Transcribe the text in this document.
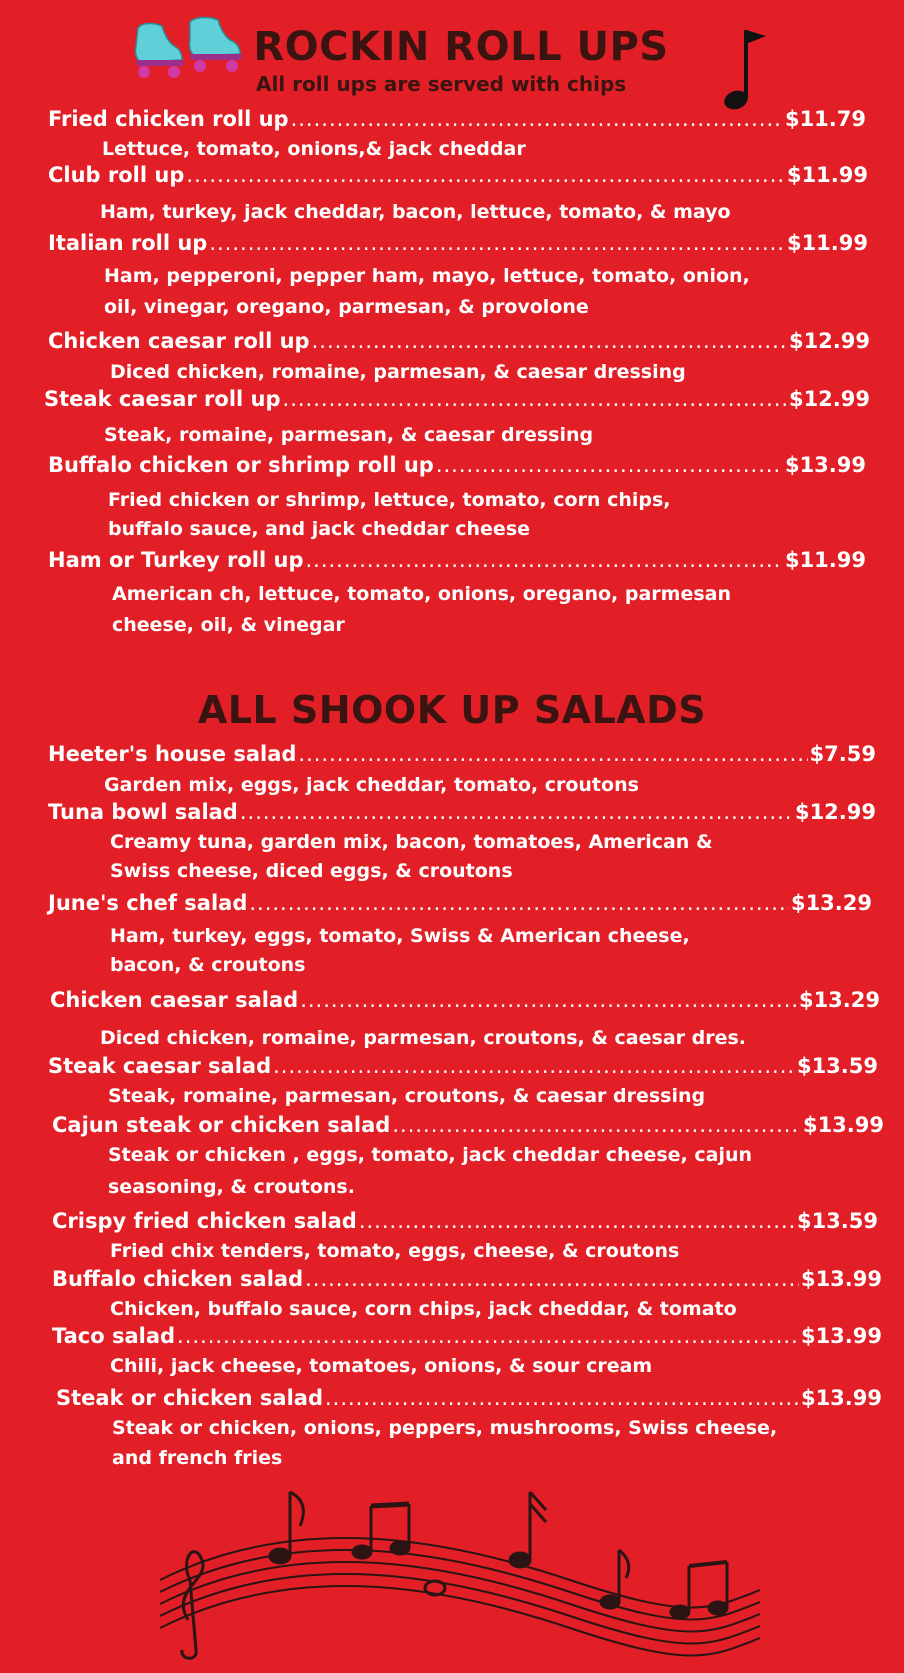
ROCKIN ROLL UPS
All roll ups are served with chips
Fried chicken roll up .....	$11.79
Lettuce, tomato, onions,& jack cheddar
Club roll up .....	$11.99
Ham, turkey, jack cheddar, bacon, lettuce, tomato, & mayo
Italian roll up .....	$11.99
Ham, pepperoni, pepper ham, mayo, lettuce, tomato, onion,
oil, vinegar, oregano, parmesan, & provolone
Chicken caesar roll up .....	$12.99
Diced chicken, romaine, parmesan, & caesar dressing
Steak caesar roll up .....	$12.99
Steak, romaine, parmesan, & caesar dressing
Buffalo chicken or shrimp roll up .....	$13.99
Fried chicken or shrimp, lettuce, tomato, corn chips,
buffalo sauce, and jack cheddar cheese
Ham or Turkey roll up .....	$11.99
American ch, lettuce, tomato, onions, oregano, parmesan
cheese, oil, & vinegar
ALL SHOOK UP SALADS
Heeter's house salad .....	$7.59
Garden mix, eggs, jack cheddar, tomato, croutons
Tuna bowl salad .....	$12.99
Creamy tuna, garden mix, bacon, tomatoes, American &
Swiss cheese, diced eggs, & croutons
June's chef salad .....	$13.29
Ham, turkey, eggs, tomato, Swiss & American cheese,
bacon, & croutons
Chicken caesar salad .....	$13.29
Diced chicken, romaine, parmesan, croutons, & caesar dres.
Steak caesar salad .....	$13.59
Steak, romaine, parmesan, croutons, & caesar dressing
Cajun steak or chicken salad .....	$13.99
Steak or chicken , eggs, tomato, jack cheddar cheese, cajun
seasoning, & croutons.
Crispy fried chicken salad .....	$13.59
Fried chix tenders, tomato, eggs, cheese, & croutons
Buffalo chicken salad .....	$13.99
Chicken, buffalo sauce, corn chips, jack cheddar, & tomato
Taco salad .....	$13.99
Chili, jack cheese, tomatoes, onions, & sour cream
Steak or chicken salad .....	$13.99
Steak or chicken, onions, peppers, mushrooms, Swiss cheese,
and french fries
